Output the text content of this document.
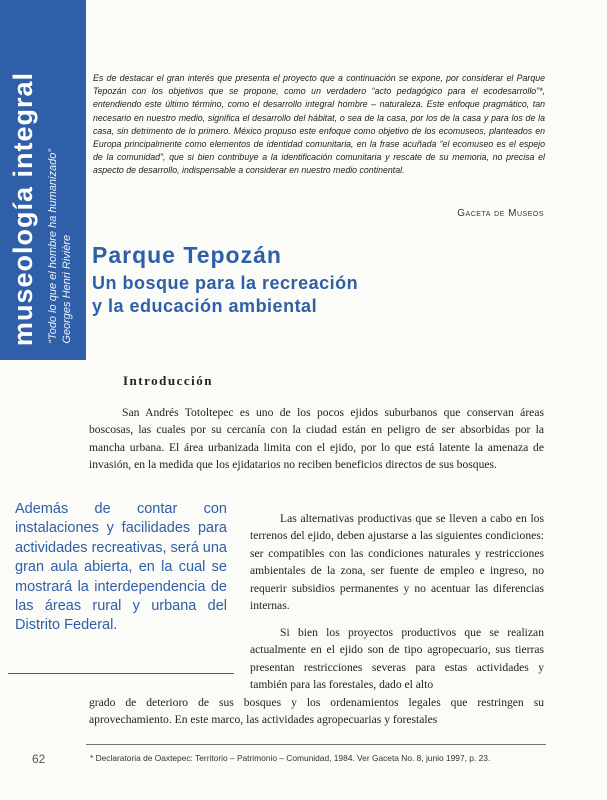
museología integral “Todo lo que el hombre ha humanizado” Georges Henri Rivière

Es de destacar el gran interés que presenta el proyecto que a continuación se expone, por considerar el Parque Tepozán con los objetivos que se propone, como un verdadero “acto pedagógico para el ecodesarrollo”*, entendiendo este último término, como el desarrollo integral hombre – naturaleza. Este enfoque pragmático, tan necesario en nuestro medio, significa el desarrollo del hábitat, o sea de la casa, por los de la casa y para los de la casa, sin detrimento de lo primero. México propuso este enfoque como objetivo de los ecomuseos, planteados en Europa principalmente como elementos de identidad comunitaria, en la frase acuñada “el ecomuseo es el espejo de la comunidad”, que si bien contribuye a la identificación comunitaria y rescate de su memoria, no precisa el aspecto de desarrollo, indispensable a considerar en nuestro medio continental.

Gaceta de Museos
Parque Tepozán
Un bosque para la recreación
y la educación ambiental
Introducción

San Andrés Totoltepec es uno de los pocos ejidos suburbanos que conservan áreas boscosas, las cuales por su cercanía con la ciudad están en peligro de ser absorbidas por la mancha urbana. El área urbanizada limita con el ejido, por lo que está latente la amenaza de invasión, en la medida que los ejidatarios no reciben beneficios directos de sus bosques.

Además de contar con instalaciones y facilidades para actividades recreativas, será una gran aula abierta, en la cual se mostrará la interdependencia de las áreas rural y urbana del Distrito Federal.

Las alternativas productivas que se lleven a cabo en los terrenos del ejido, deben ajustarse a las siguientes condiciones: ser compatibles con las condiciones naturales y restricciones ambientales de la zona, ser fuente de empleo e ingreso, no requerir subsidios permanentes y no acentuar las diferencias internas.

Si bien los proyectos productivos que se realizan actualmente en el ejido son de tipo agropecuario, sus tierras presentan restricciones severas para estas actividades y también para las forestales, dado el alto

grado de deterioro de sus bosques y los ordenamientos legales que restringen su aprovechamiento. En este marco, las actividades agropecuarias y forestales

62	* Declaratoria de Oaxtepec: Territorio – Patrimonio – Comunidad, 1984. Ver Gaceta No. 8, junio 1997, p. 23.
